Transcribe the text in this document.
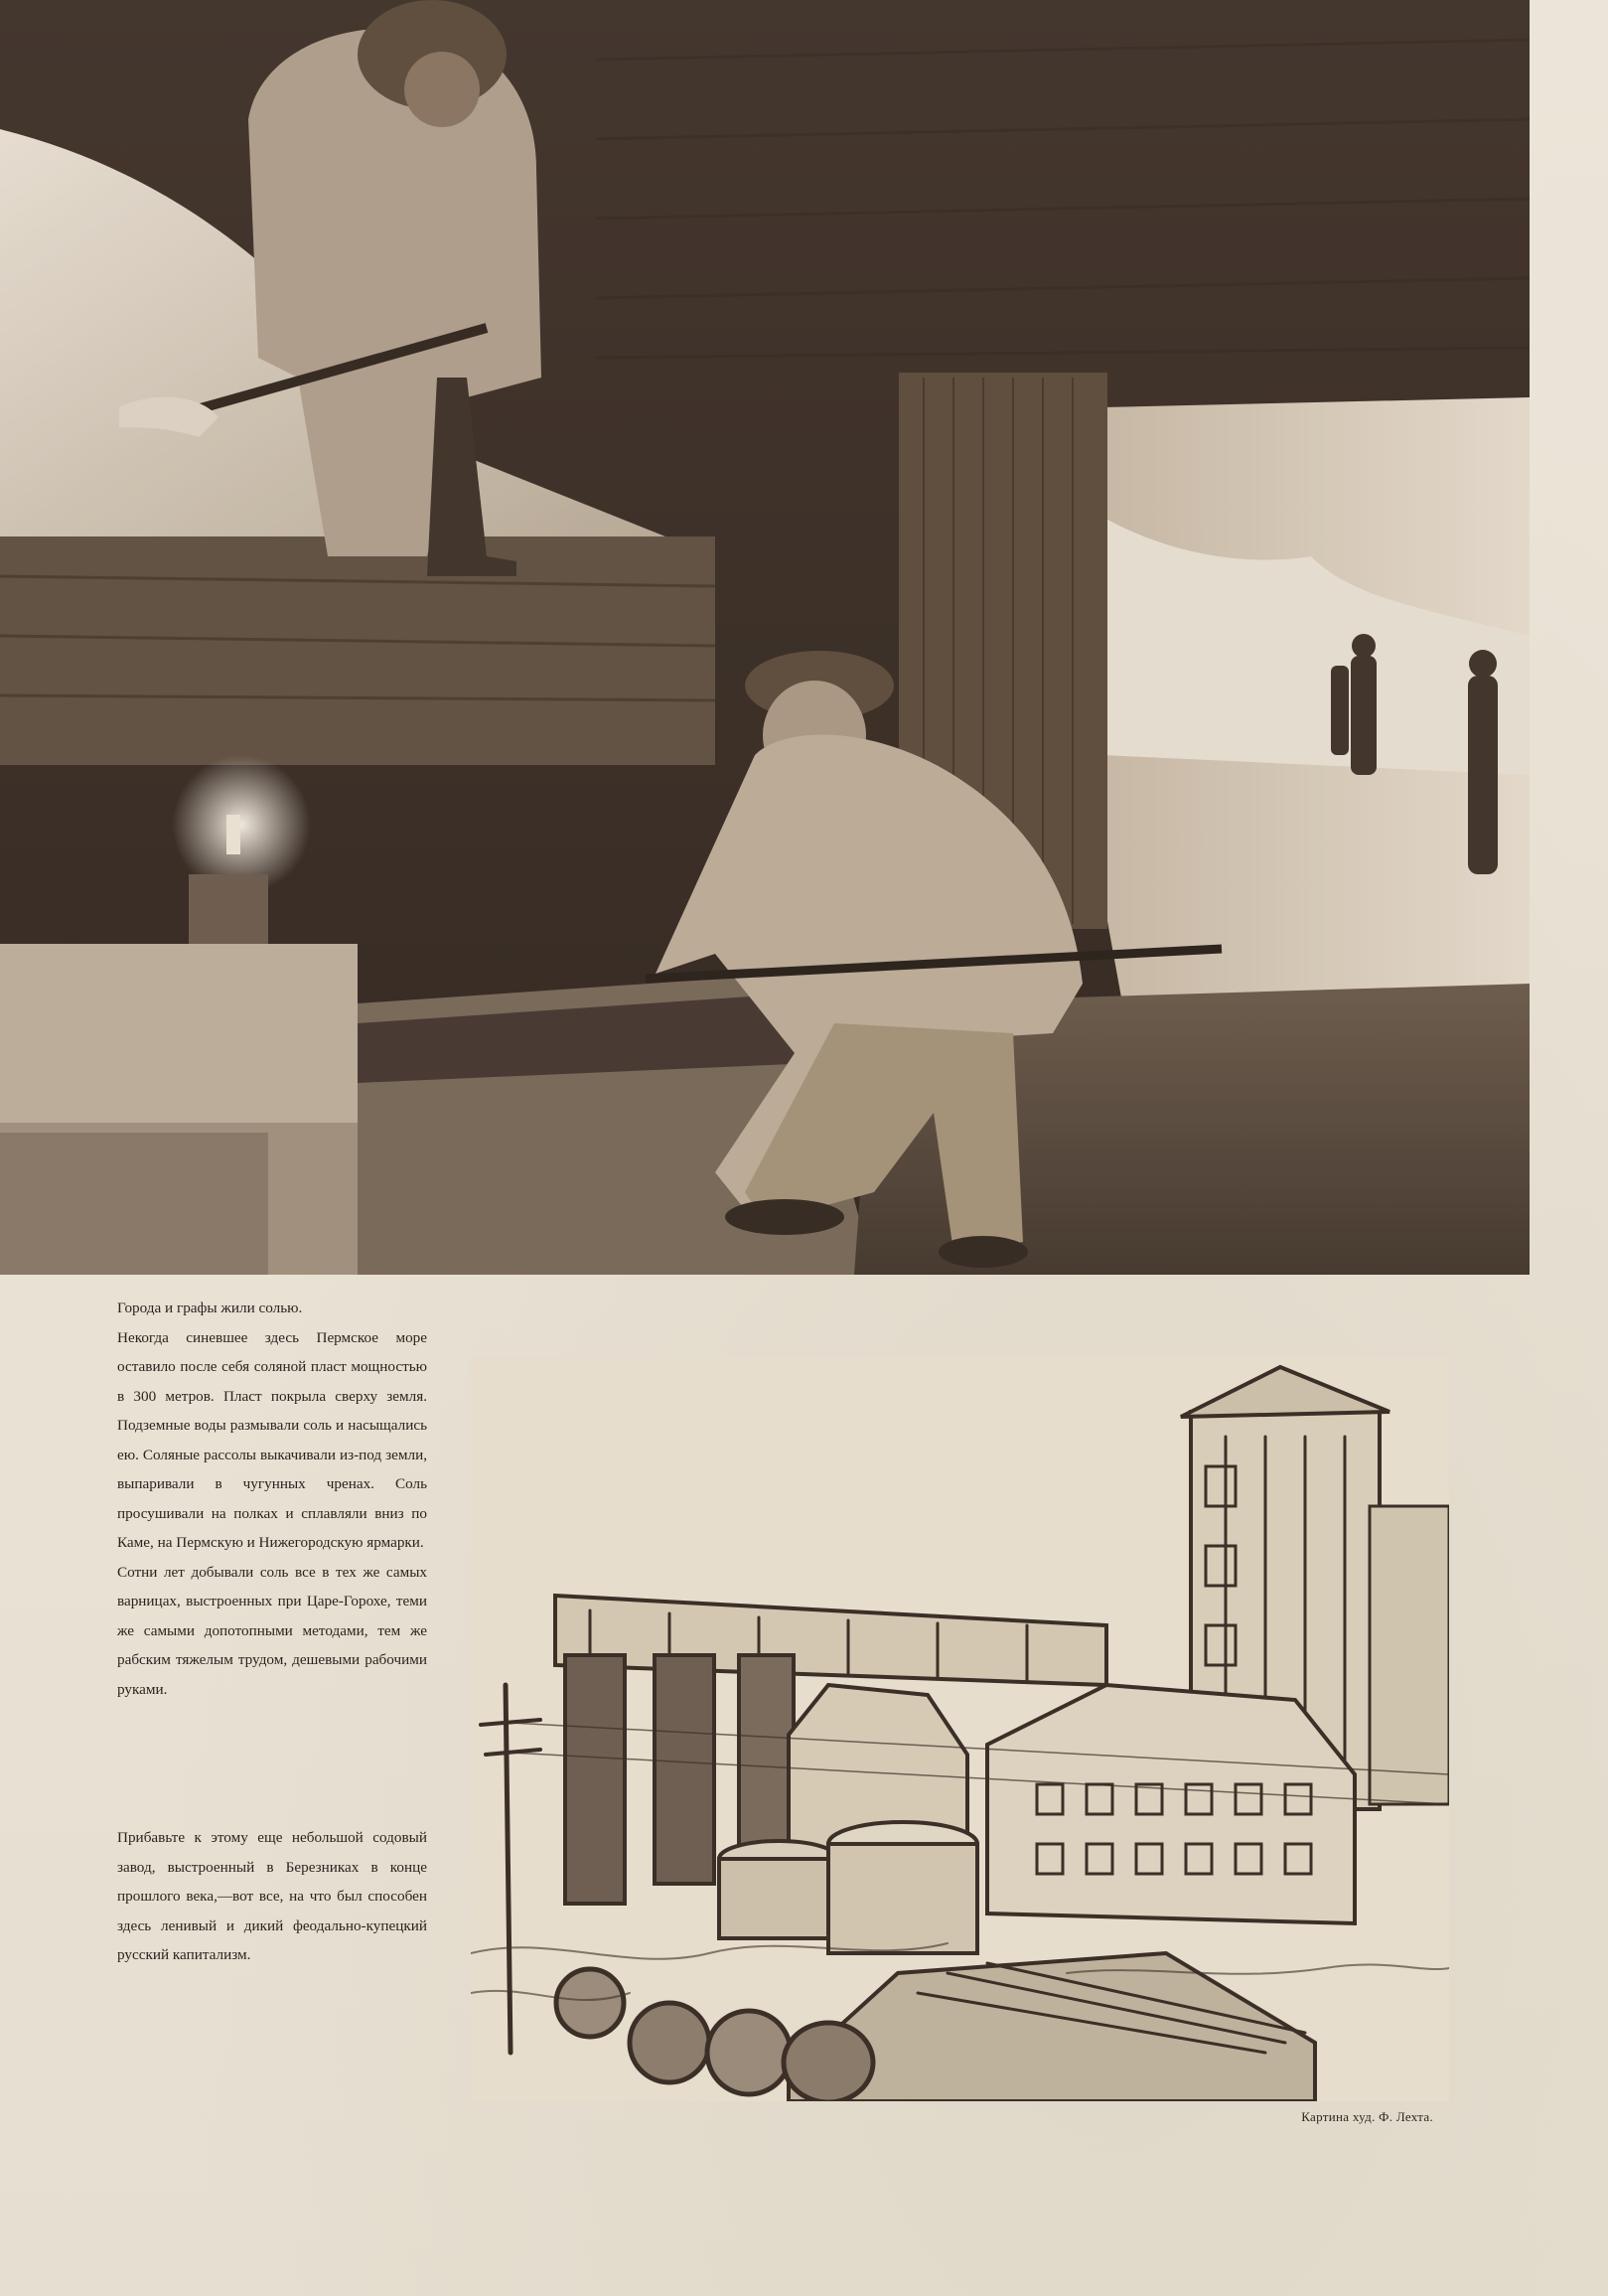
Города и графы жили солью.

Некогда синевшее здесь Пермское море оставило после себя соляной пласт мощностью в 300 метров. Пласт покрыла сверху земля. Подземные воды размывали соль и насыщались ею. Соляные рассолы выкачивали из-под земли, выпаривали в чугунных чренах. Соль просушивали на полках и сплавляли вниз по Каме, на Пермскую и Нижегородскую ярмарки.

Сотни лет добывали соль все в тех же самых варницах, выстроенных при Царе-Горохе, теми же самыми допотопными методами, тем же рабским тяжелым трудом, дешевыми рабочими руками.

Прибавьте к этому еще небольшой содовый завод, выстроенный в Березниках в конце прошлого века,—вот все, на что был способен здесь ленивый и дикий феодально-купецкий русский капитализм.

Картина худ. Ф. Лехта.
